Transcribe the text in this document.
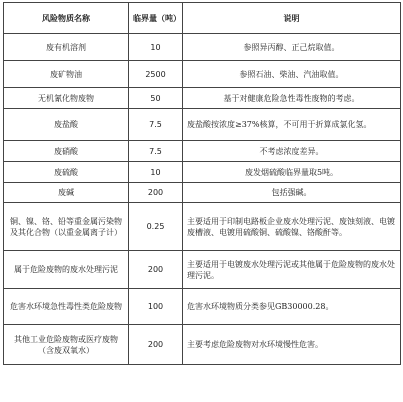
风险物质名称	临界量（吨）	说明
废有机溶剂	10	参照异丙醇、正己烷取值。
废矿物油	2500	参照石油、柴油、汽油取值。
无机氰化物废物	50	基于对健康危险急性毒性废物的考虑。
废盐酸	7.5	废盐酸按浓度≥37%核算，不可用于折算成氯化氢。
废硝酸	7.5	不考虑浓度差异。
废硫酸	10	废发烟硫酸临界量取5吨。
废碱	200	包括强碱。
铜、镍、铬、铅等重金属污染物及其化合物（以重金属离子计）	0.25	主要适用于印制电路板企业废水处理污泥、废蚀刻液、电镀废槽液、电镀用硫酸铜、硫酸镍、铬酸酐等。
属于危险废物的废水处理污泥	200	主要适用于电镀废水处理污泥或其他属于危险废物的废水处理污泥。
危害水环境急性毒性类危险废物	100	危害水环境物质分类参见GB30000.28。
其他工业危险废物或医疗废物（含废双氧水）	200	主要考虑危险废物对水环境慢性危害。
